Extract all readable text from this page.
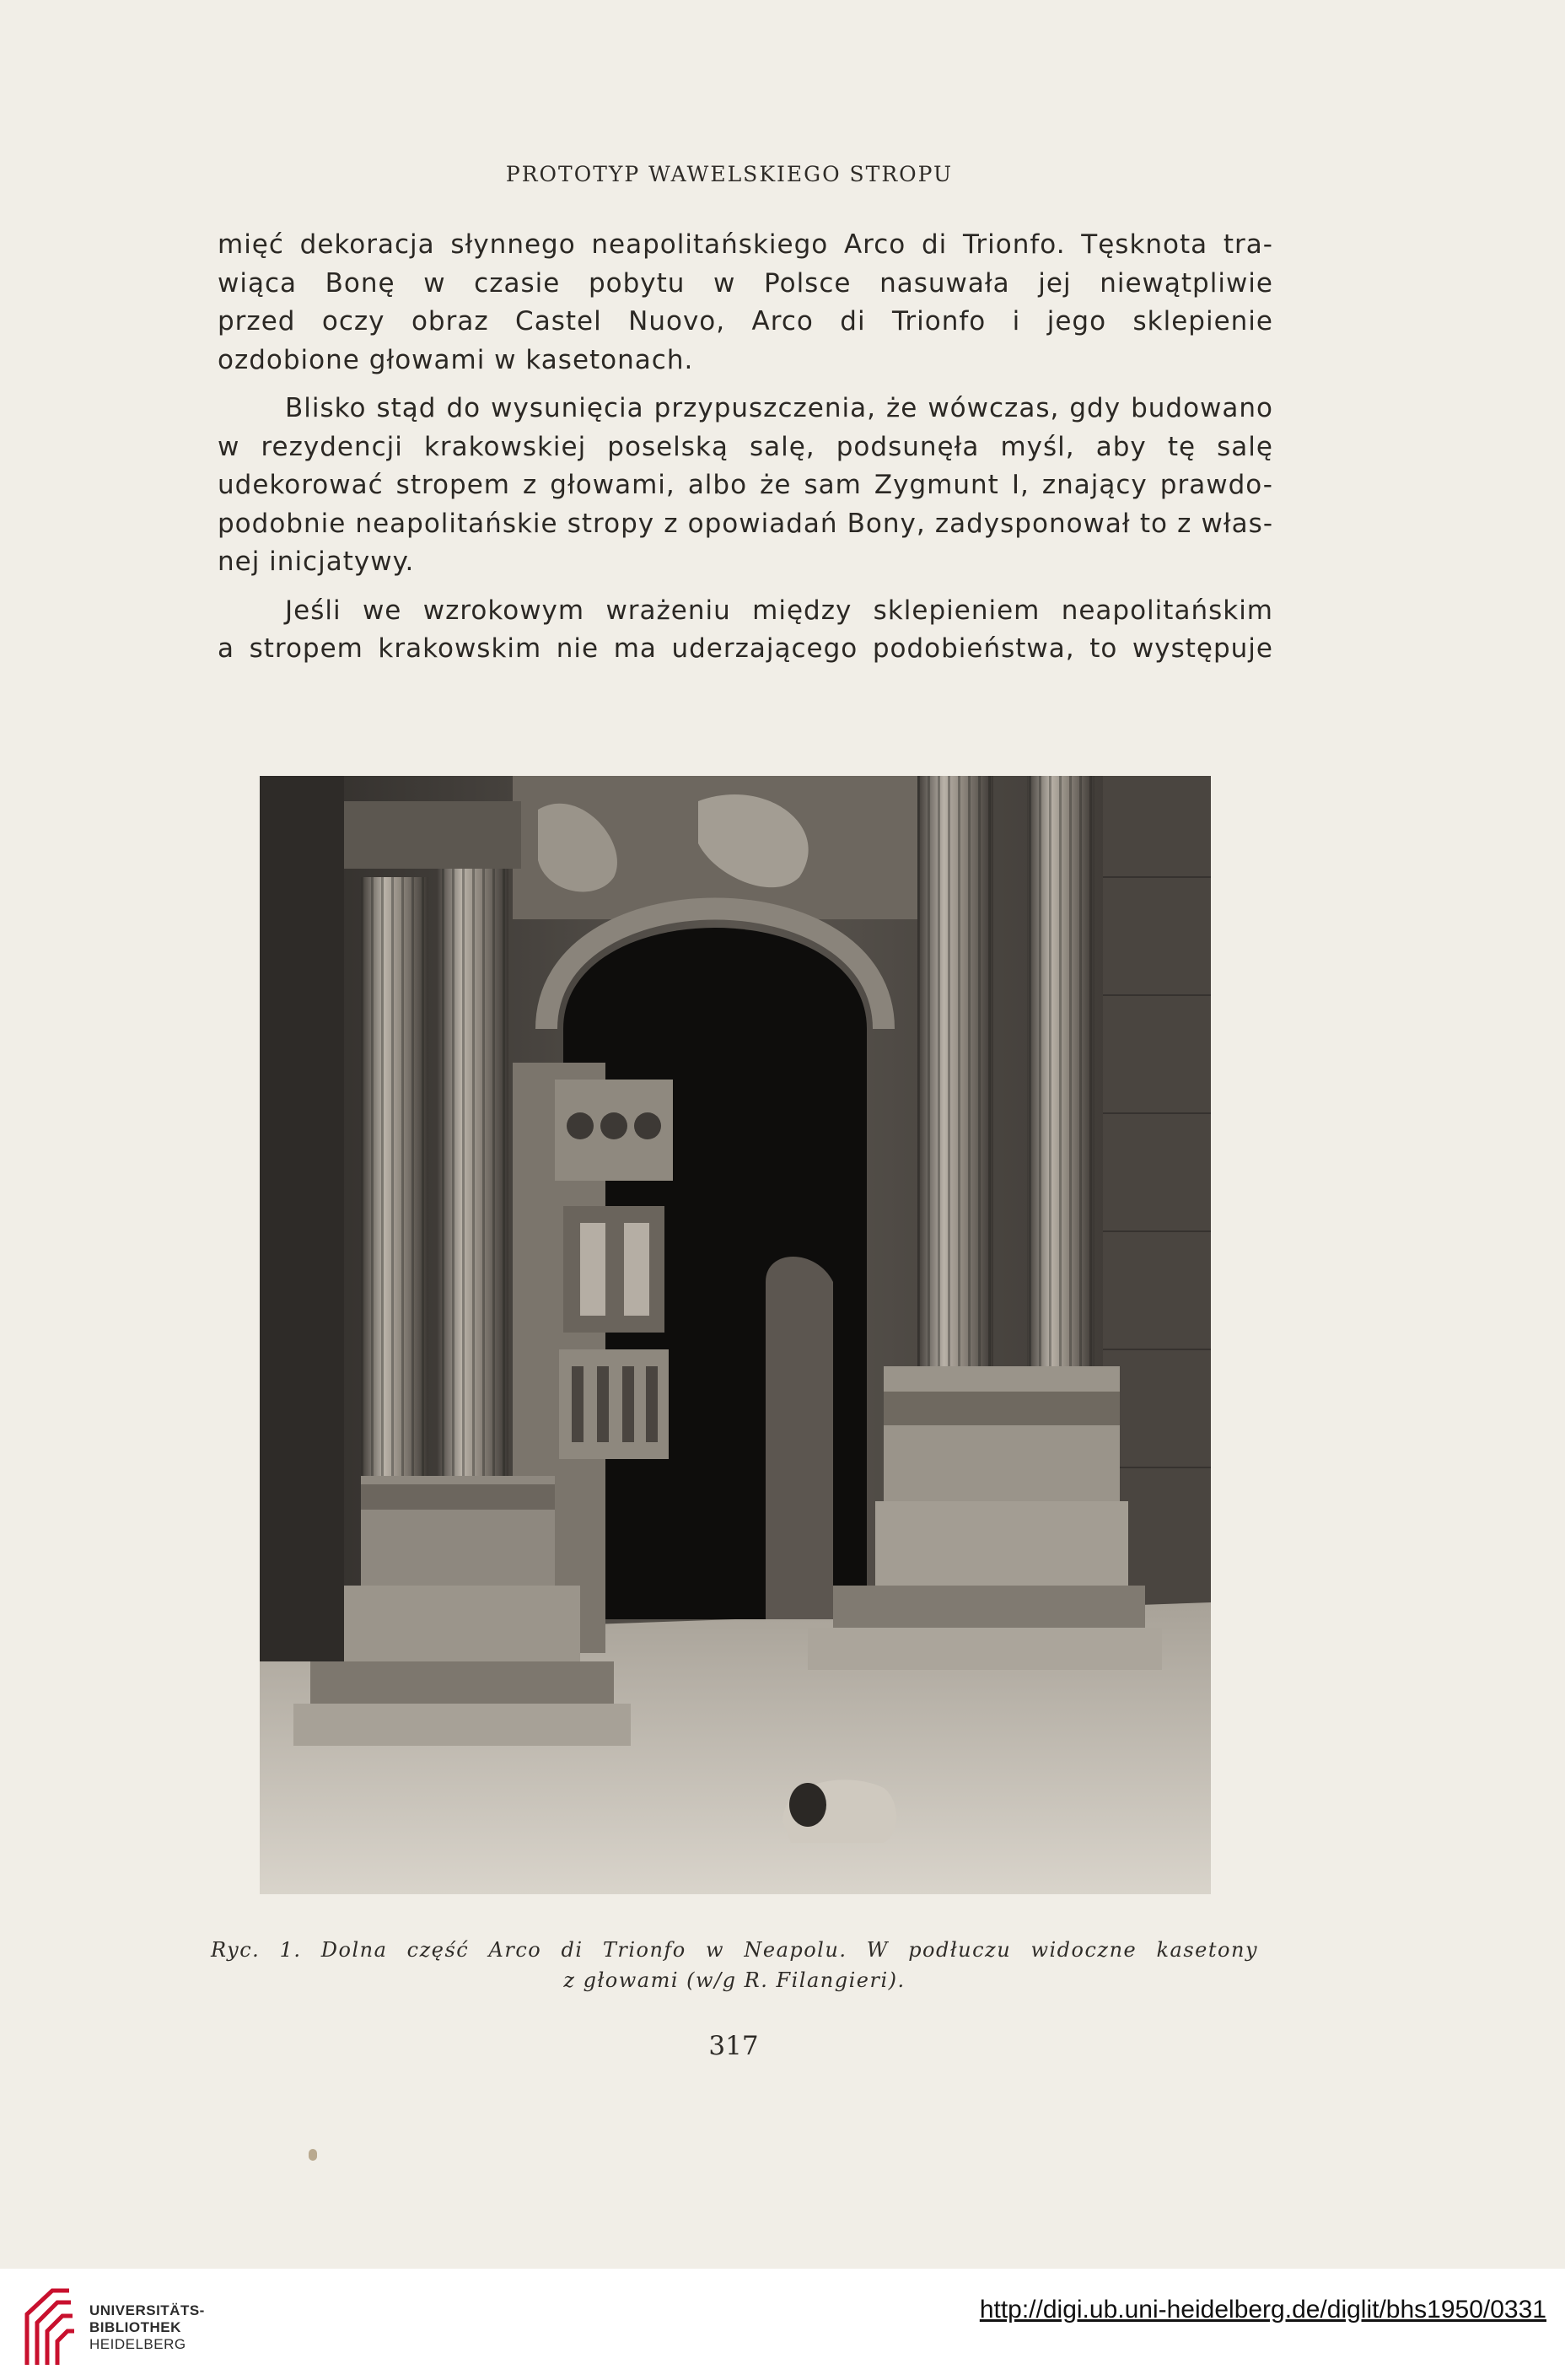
PROTOTYP WAWELSKIEGO STROPU

mięć dekoracja słynnego neapolitańskiego Arco di Trionfo. Tęsknota tra-

wiąca Bonę w czasie pobytu w Polsce nasuwała jej niewątpliwie

przed oczy obraz Castel Nuovo, Arco di Trionfo i jego sklepienie

ozdobione głowami w kasetonach.

Blisko stąd do wysunięcia przypuszczenia, że wówczas, gdy budowano

w rezydencji krakowskiej poselską salę, podsunęła myśl, aby tę salę

udekorować stropem z głowami, albo że sam Zygmunt I, znający prawdo-

podobnie neapolitańskie stropy z opowiadań Bony, zadysponował to z włas-

nej inicjatywy.

Jeśli we wzrokowym wrażeniu między sklepieniem neapolitańskim

a stropem krakowskim nie ma uderzającego podobieństwa, to występuje

Ryc. 1. Dolna część Arco di Trionfo w Neapolu. W podłuczu widoczne kasetony
z głowami (w/g R. Filangieri).
317
UNIVERSITÄTS-
BIBLIOTHEK
HEIDELBERG
http://digi.ub.uni-heidelberg.de/diglit/bhs1950/0331
